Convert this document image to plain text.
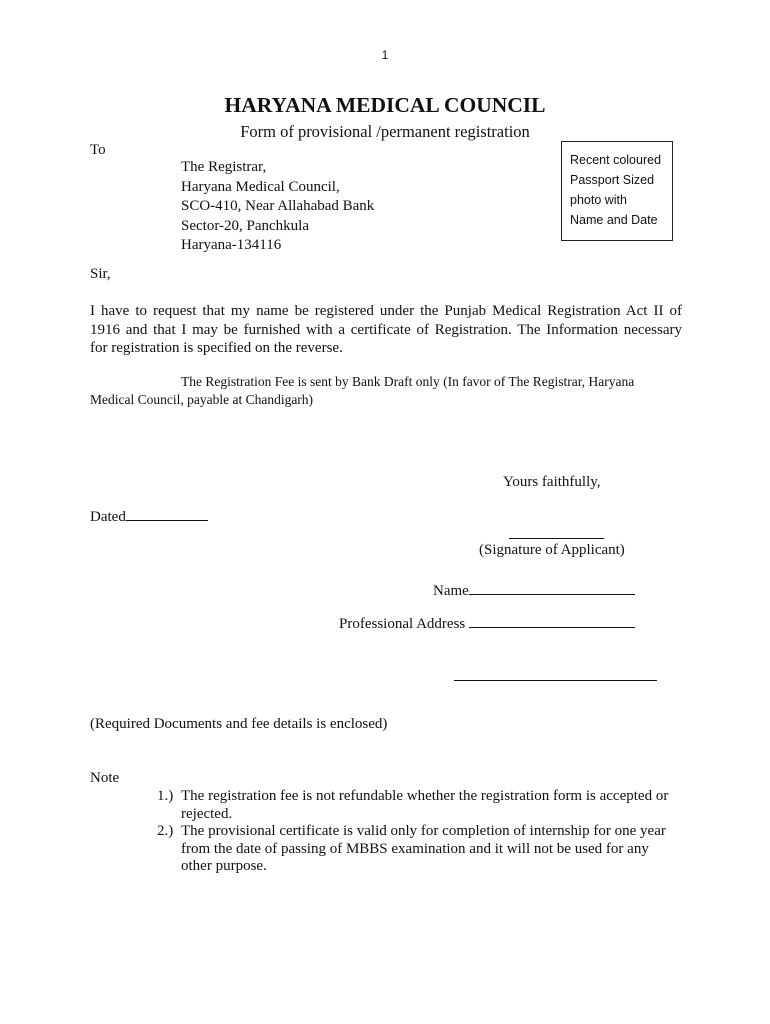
1
HARYANA MEDICAL COUNCIL
Form of provisional /permanent registration
To
The Registrar,
Haryana Medical Council,
SCO-410, Near Allahabad Bank
Sector-20, Panchkula
Haryana-134116
Recent coloured
Passport Sized
photo with
Name and Date
Sir,
I have to request that my name be registered under the Punjab Medical Registration Act II of
1916 and that I may be furnished with a certificate of Registration. The Information necessary
for registration is specified on the reverse.
The Registration Fee is sent by Bank Draft only (In favor of The Registrar, Haryana
Medical Council, payable at Chandigarh)
Yours faithfully,
Dated
(Signature of Applicant)
Name
Professional Address
(Required Documents and fee details is enclosed)
Note
1.) The registration fee is not refundable whether the registration form is accepted or
rejected.
2.) The provisional certificate is valid only for completion of internship for one year
from the date of passing of MBBS examination and it will not be used for any
other purpose.
